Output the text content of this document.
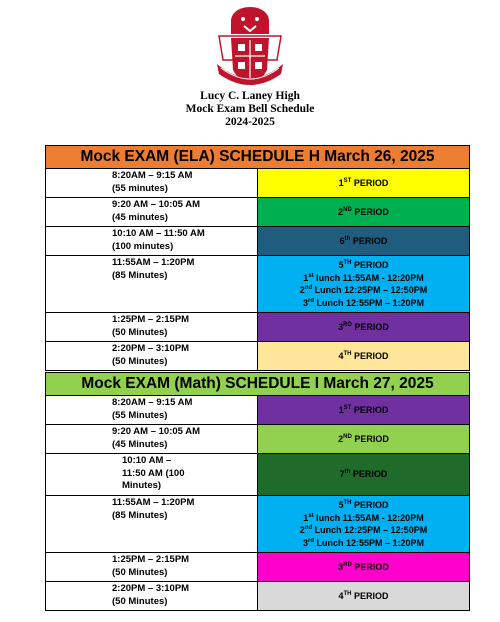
Lucy C. Laney High
Mock Exam Bell Schedule
2024-2025
Mock EXAM (ELA) SCHEDULE H March 26, 2025	

8:20AM – 9:15 AM
(55 minutes)	1ST PERIOD

9:20 AM – 10:05 AM
(45 minutes)	2ND PERIOD

10:10 AM – 11:50 AM
(100 minutes)	6th PERIOD

11:55AM – 1:20PM
(85 Minutes)	5TH PERIOD
1st lunch 11:55AM - 12:20PM
2nd Lunch 12:25PM – 12:50PM
3rd Lunch 12:55PM – 1:20PM

1:25PM – 2:15PM
(50 Minutes)	3RD PERIOD

2:20PM – 3:10PM
(50 Minutes)	4TH PERIOD
Mock EXAM (Math) SCHEDULE I March 27, 2025	

8:20AM – 9:15 AM
(55 Minutes)	1ST PERIOD

9:20 AM – 10:05 AM
(45 Minutes)	2ND PERIOD

10:10 AM –
11:50 AM (100
Minutes)	7th PERIOD

11:55AM – 1:20PM
(85 Minutes)	5TH PERIOD
1st lunch 11:55AM - 12:20PM
2nd Lunch 12:25PM – 12:50PM
3rd Lunch 12:55PM – 1:20PM

1:25PM – 2:15PM
(50 Minutes)	3RD PERIOD

2:20PM – 3:10PM
(50 Minutes)	4TH PERIOD
